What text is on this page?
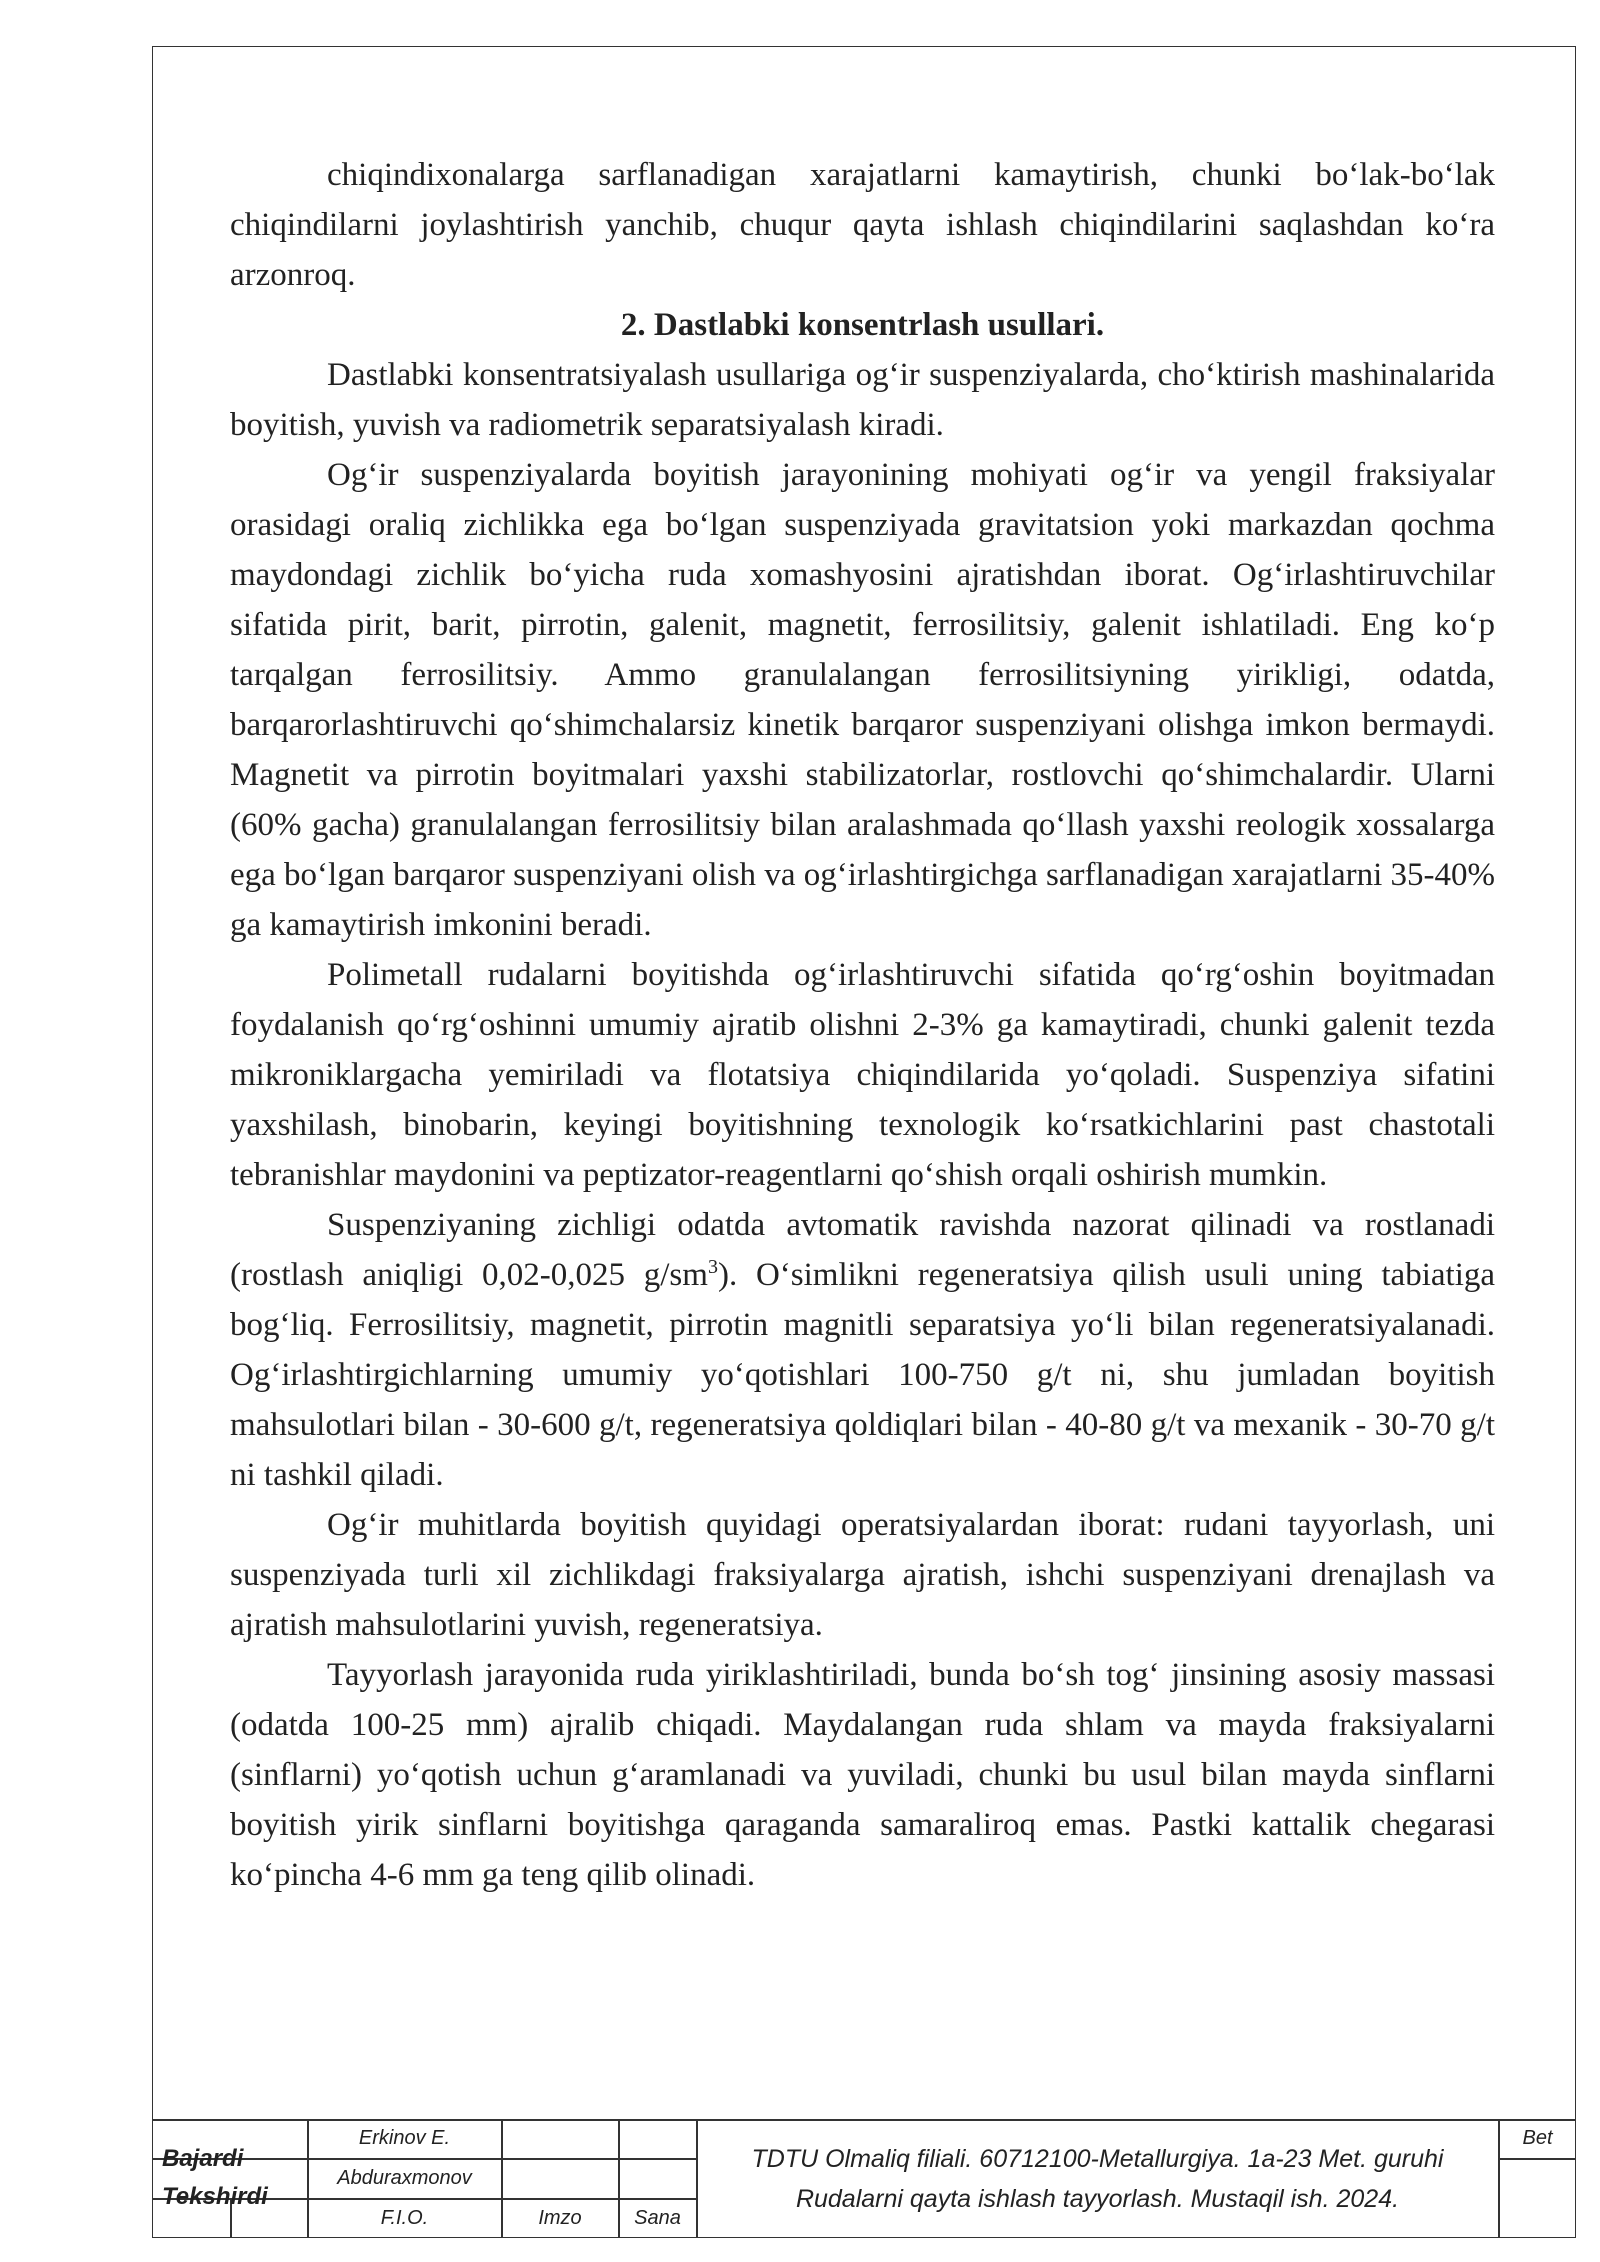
chiqindixonalarga sarflanadigan xarajatlarni kamaytirish, chunki bo‘lak-bo‘lak chiqindilarni joylashtirish yanchib, chuqur qayta ishlash chiqindilarini saqlashdan ko‘ra arzonroq.

2. Dastlabki konsentrlash usullari.

Dastlabki konsentratsiyalash usullariga og‘ir suspenziyalarda, cho‘ktirish mashinalarida boyitish, yuvish va radiometrik separatsiyalash kiradi.

Og‘ir suspenziyalarda boyitish jarayonining mohiyati og‘ir va yengil fraksiyalar orasidagi oraliq zichlikka ega bo‘lgan suspenziyada gravitatsion yoki markazdan qochma maydondagi zichlik bo‘yicha ruda xomashyosini ajratishdan iborat. Og‘irlashtiruvchilar sifatida pirit, barit, pirrotin, galenit, magnetit, ferrosilitsiy, galenit ishlatiladi. Eng ko‘p tarqalgan ferrosilitsiy. Ammo granulalangan ferrosilitsiyning yirikligi, odatda, barqarorlashtiruvchi qo‘shimchalarsiz kinetik barqaror suspenziyani olishga imkon bermaydi. Magnetit va pirrotin boyitmalari yaxshi stabilizatorlar, rostlovchi qo‘shimchalardir. Ularni (60% gacha) granulalangan ferrosilitsiy bilan aralashmada qo‘llash yaxshi reologik xossalarga ega bo‘lgan barqaror suspenziyani olish va og‘irlashtirgichga sarflanadigan xarajatlarni 35-40% ga kamaytirish imkonini beradi.

Polimetall rudalarni boyitishda og‘irlashtiruvchi sifatida qo‘rg‘oshin boyitmadan foydalanish qo‘rg‘oshinni umumiy ajratib olishni 2-3% ga kamaytiradi, chunki galenit tezda mikroniklargacha yemiriladi va flotatsiya chiqindilarida yo‘qoladi. Suspenziya sifatini yaxshilash, binobarin, keyingi boyitishning texnologik ko‘rsatkichlarini past chastotali tebranishlar maydonini va peptizator-reagentlarni qo‘shish orqali oshirish mumkin.

Suspenziyaning zichligi odatda avtomatik ravishda nazorat qilinadi va rostlanadi (rostlash aniqligi 0,02-0,025 $g/sm^3$). O‘simlikni regeneratsiya qilish usuli uning tabiatiga bog‘liq. Ferrosilitsiy, magnetit, pirrotin magnitli separatsiya yo‘li bilan regeneratsiyalanadi. Og‘irlashtirgichlarning umumiy yo‘qotishlari 100-750 g/t ni, shu jumladan boyitish mahsulotlari bilan - 30-600 g/t, regeneratsiya qoldiqlari bilan - 40-80 g/t va mexanik - 30-70 g/t ni tashkil qiladi.

Og‘ir muhitlarda boyitish quyidagi operatsiyalardan iborat: rudani tayyorlash, uni suspenziyada turli xil zichlikdagi fraksiyalarga ajratish, ishchi suspenziyani drenajlash va ajratish mahsulotlarini yuvish, regeneratsiya.

Tayyorlash jarayonida ruda yiriklashtiriladi, bunda bo‘sh tog‘ jinsining asosiy massasi (odatda 100-25 mm) ajralib chiqadi. Maydalangan ruda shlam va mayda fraksiyalarni (sinflarni) yo‘qotish uchun g‘aramlanadi va yuviladi, chunki bu usul bilan mayda sinflarni boyitish yirik sinflarni boyitishga qaraganda samaraliroq emas. Pastki kattalik chegarasi ko‘pincha 4-6 mm ga teng qilib olinadi.

Bajardi
Tekshirdi
Erkinov E.
Abduraxmonov
F.I.O.	Imzo	Sana
TDTU Olmaliq filiali. 60712100-Metallurgiya. 1a-23 Met. guruhi
Rudalarni qayta ishlash tayyorlash. Mustaqil ish. 2024.
Bet
